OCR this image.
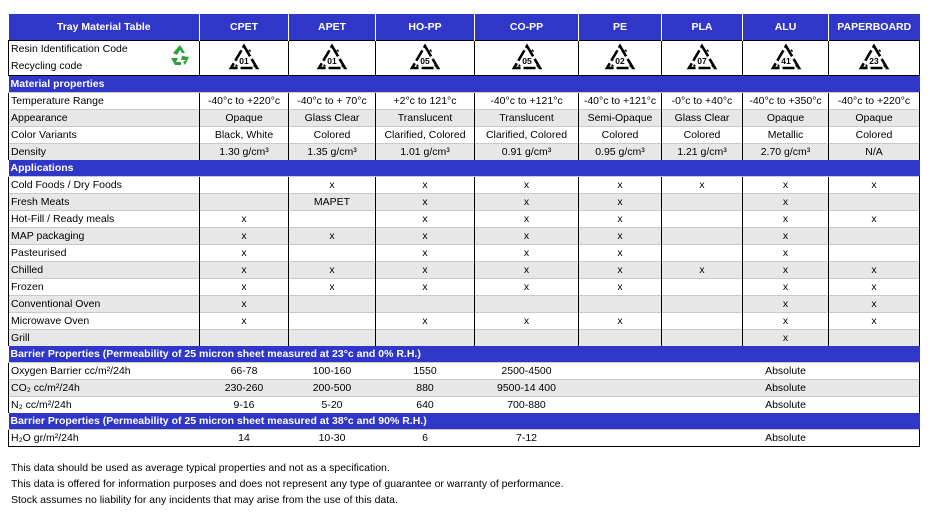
Tray Material Table	CPET	APET	HO-PP	CO-PP	PE	PLA	ALU	PAPERBOARD

Resin Identification Code
Recycling code	01	01	05	05	02	07	41	23

Material properties								
Temperature Range	-40°c to +220°c	-40°c to + 70°c	+2°c to 121°c	-40°c to +121°c	-40°c to +121°c	-0°c to +40°c	-40°c to +350°c	-40°c to +220°c
Appearance	Opaque	Glass Clear	Translucent	Translucent	Semi-Opaque	Glass Clear	Opaque	Opaque
Color Variants	Black, White	Colored	Clarified, Colored	Clarified, Colored	Colored	Colored	Metallic	Colored
Density	1.30 g/cm³	1.35 g/cm³	1.01 g/cm³	0.91 g/cm³	0.95 g/cm³	1.21 g/cm³	2.70 g/cm³	N/A
Applications								
Cold Foods / Dry Foods		x	x	x	x	x	x	x
Fresh Meats		MAPET	x	x	x		x	
Hot-Fill / Ready meals	x		x	x	x		x	x
MAP packaging	x	x	x	x	x		x	
Pasteurised	x		x	x	x		x	
Chilled	x	x	x	x	x	x	x	x
Frozen	x	x	x	x	x		x	x
Conventional Oven	x						x	x
Microwave Oven	x		x	x	x		x	x
Grill							x	
Barrier Properties (Permeability of 25 micron sheet measured at 23°c and 0% R.H.)								
Oxygen Barrier cc/m²/24h	66-78	100-160	1550	2500-4500			Absolute	
CO₂ cc/m²/24h	230-260	200-500	880	9500-14 400			Absolute	
N₂ cc/m²/24h	9-16	5-20	640	700-880			Absolute	
Barrier Properties (Permeability of 25 micron sheet measured at 38°c and 90% R.H.)								
H₂O gr/m²/24h	14	10-30	6	7-12			Absolute	
This data should be used as average typical properties and not as a specification.
This data is offered for information purposes and does not represent any type of guarantee or warranty of performance.
Stock assumes no liability for any incidents that may arise from the use of this data.
